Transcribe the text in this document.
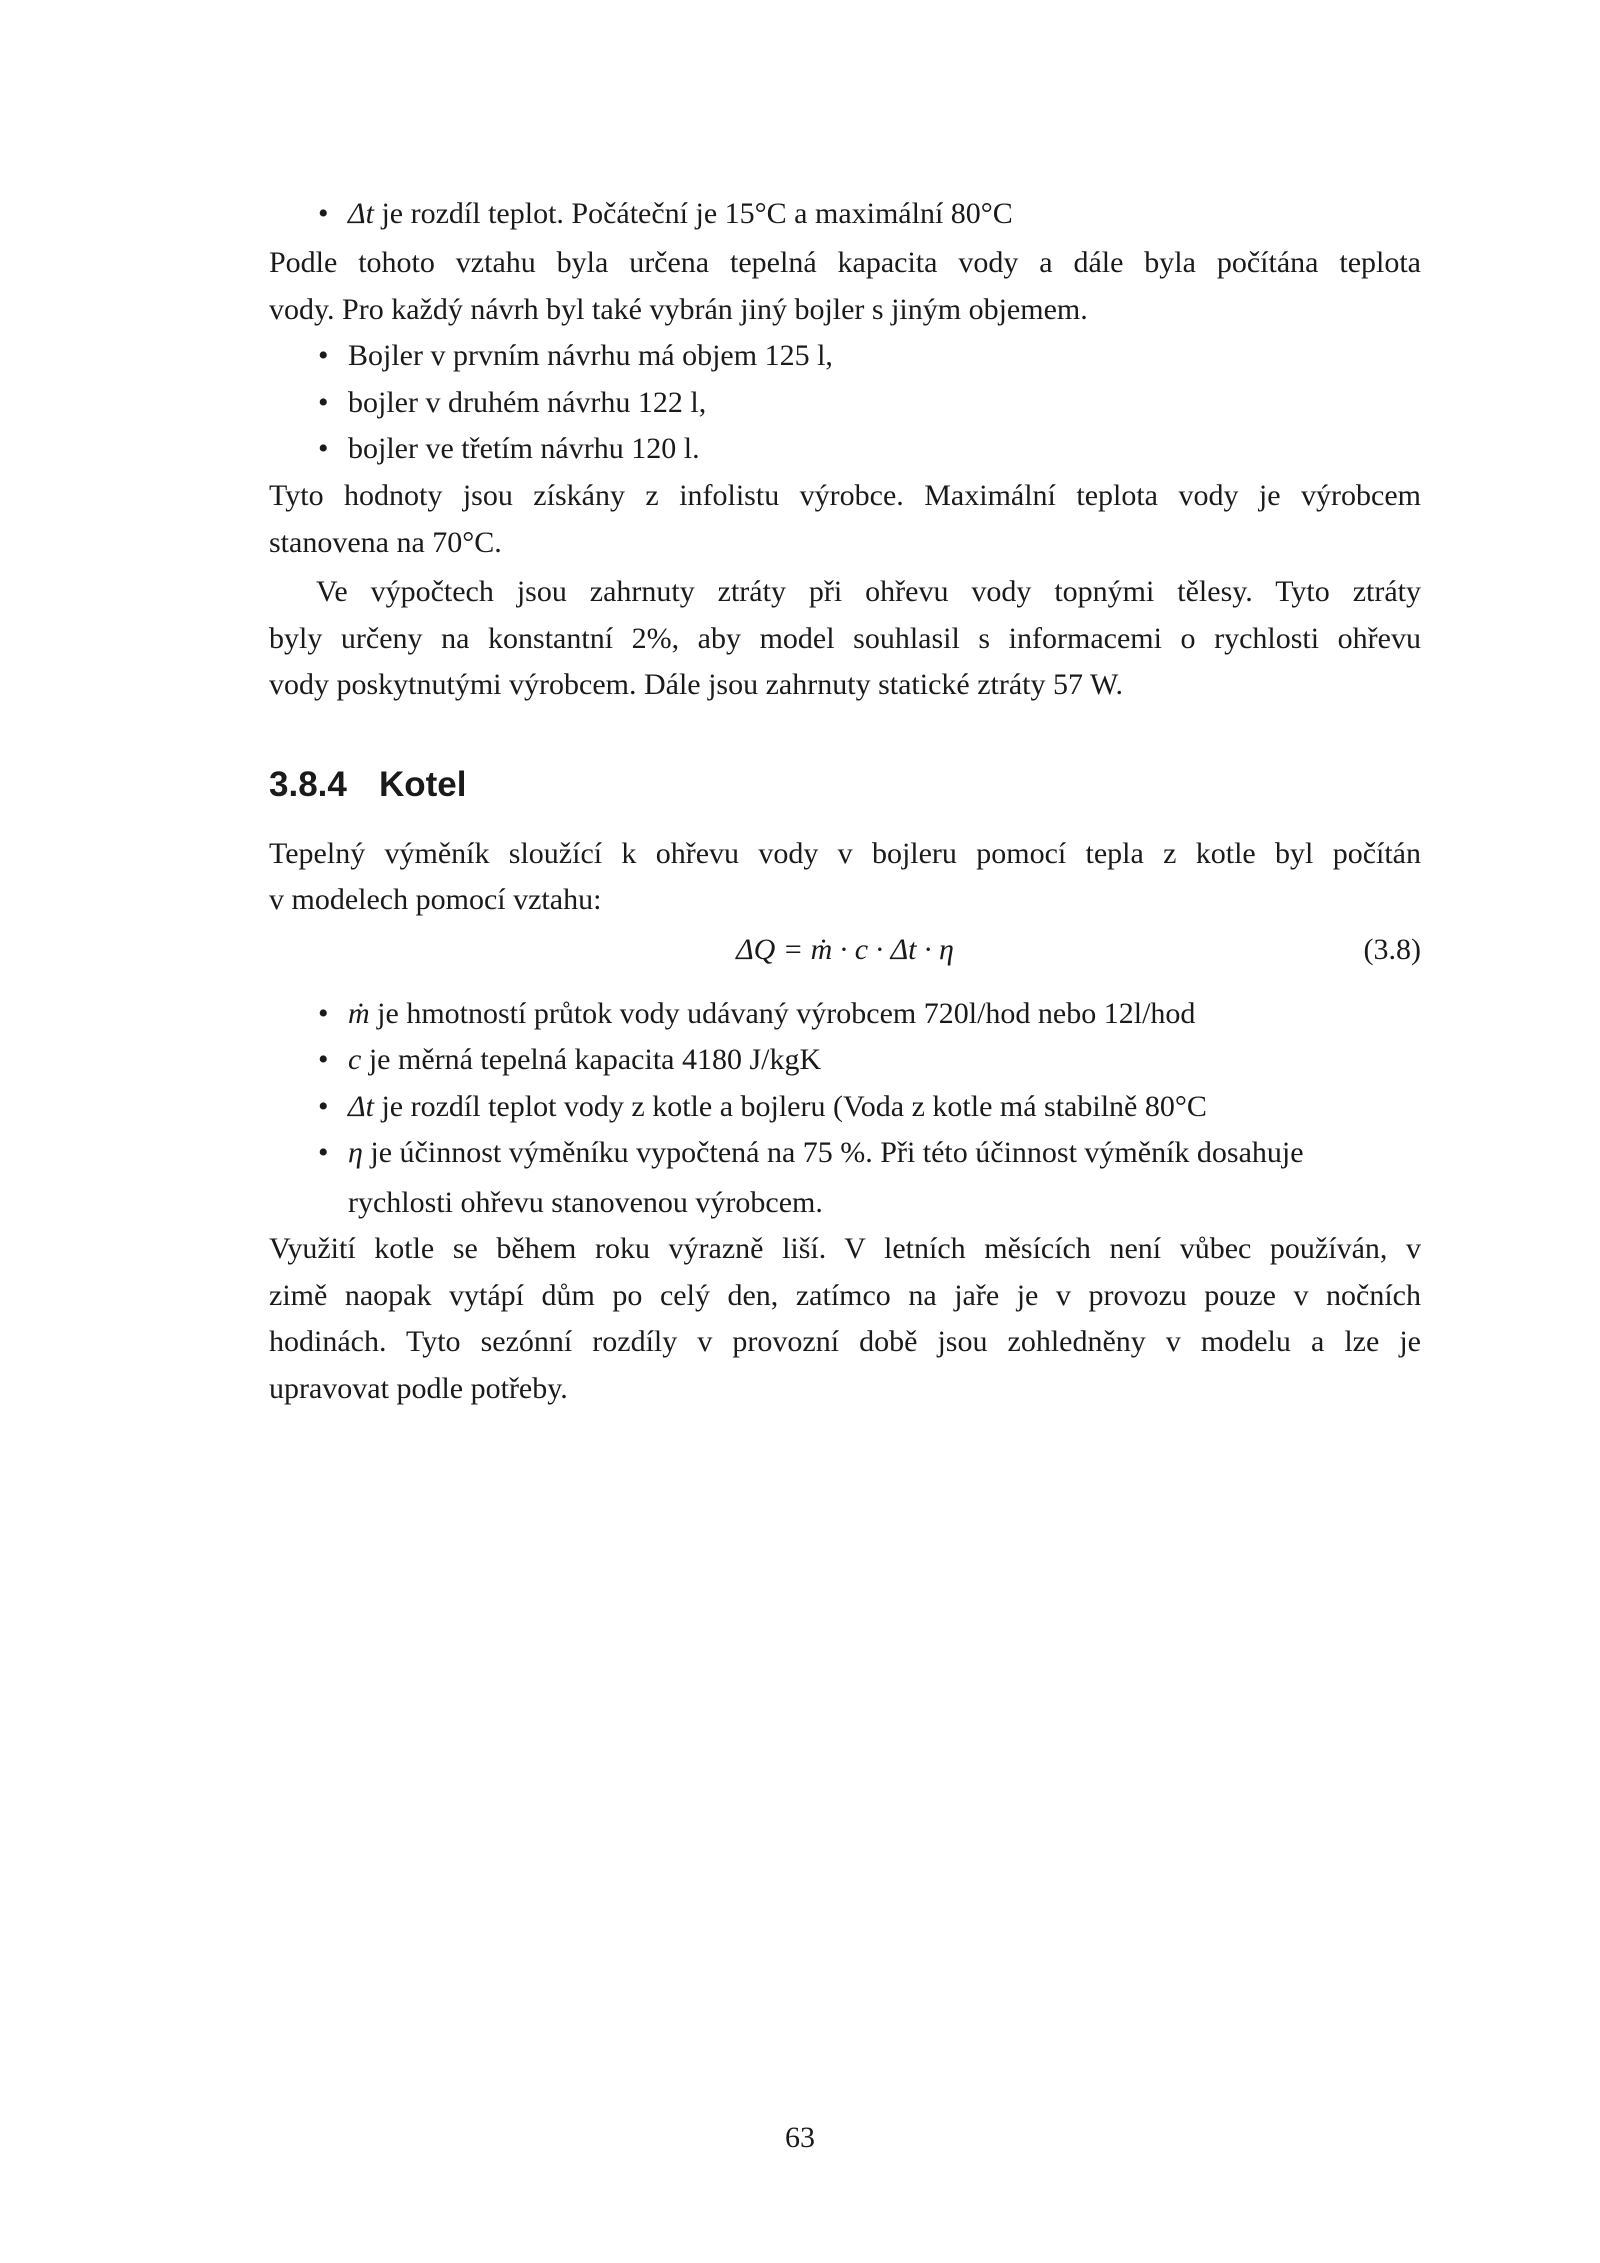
• Δt je rozdíl teplot. Počáteční je 15°C a maximální 80°C
Podle tohoto vztahu byla určena tepelná kapacita vody a dále byla počítána teplota
vody. Pro každý návrh byl také vybrán jiný bojler s jiným objemem.
• Bojler v prvním návrhu má objem 125 l,
• bojler v druhém návrhu 122 l,
• bojler ve třetím návrhu 120 l.
Tyto hodnoty jsou získány z infolistu výrobce. Maximální teplota vody je výrobcem
stanovena na 70°C.
Ve výpočtech jsou zahrnuty ztráty při ohřevu vody topnými tělesy. Tyto ztráty
byly určeny na konstantní 2%, aby model souhlasil s informacemi o rychlosti ohřevu
vody poskytnutými výrobcem. Dále jsou zahrnuty statické ztráty 57 W.
3.8.4 Kotel
Tepelný výměník sloužící k ohřevu vody v bojleru pomocí tepla z kotle byl počítán
v modelech pomocí vztahu:
ΔQ = ṁ · c · Δt · η	(3.8)
• ṁ je hmotností průtok vody udávaný výrobcem 720l/hod nebo 12l/hod
• c je měrná tepelná kapacita 4180 J/kgK
• Δt je rozdíl teplot vody z kotle a bojleru (Voda z kotle má stabilně 80°C
• η je účinnost výměníku vypočtená na 75 %. Při této účinnost výměník dosahuje
rychlosti ohřevu stanovenou výrobcem.
Využití kotle se během roku výrazně liší. V letních měsících není vůbec používán, v
zimě naopak vytápí dům po celý den, zatímco na jaře je v provozu pouze v nočních
hodinách. Tyto sezónní rozdíly v provozní době jsou zohledněny v modelu a lze je
upravovat podle potřeby.
63
